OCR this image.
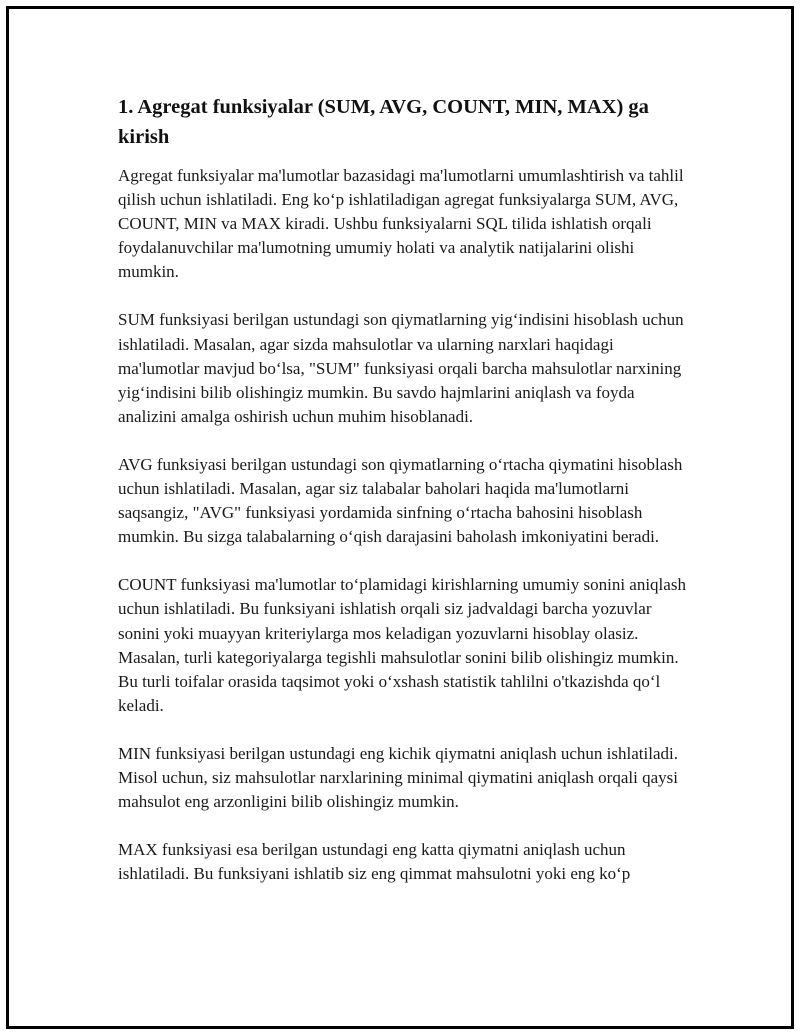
1. Agregat funksiyalar (SUM, AVG, COUNT, MIN, MAX) ga kirish

Agregat funksiyalar ma'lumotlar bazasidagi ma'lumotlarni umumlashtirish va tahlil qilish uchun ishlatiladi. Eng ko‘p ishlatiladigan agregat funksiyalarga SUM, AVG, COUNT, MIN va MAX kiradi. Ushbu funksiyalarni SQL tilida ishlatish orqali foydalanuvchilar ma'lumotning umumiy holati va analytik natijalarini olishi mumkin.

SUM funksiyasi berilgan ustundagi son qiymatlarning yig‘indisini hisoblash uchun ishlatiladi. Masalan, agar sizda mahsulotlar va ularning narxlari haqidagi ma'lumotlar mavjud bo‘lsa, "SUM" funksiyasi orqali barcha mahsulotlar narxining yig‘indisini bilib olishingiz mumkin. Bu savdo hajmlarini aniqlash va foyda analizini amalga oshirish uchun muhim hisoblanadi.

AVG funksiyasi berilgan ustundagi son qiymatlarning o‘rtacha qiymatini hisoblash uchun ishlatiladi. Masalan, agar siz talabalar baholari haqida ma'lumotlarni saqsangiz, "AVG" funksiyasi yordamida sinfning o‘rtacha bahosini hisoblash mumkin. Bu sizga talabalarning o‘qish darajasini baholash imkoniyatini beradi.

COUNT funksiyasi ma'lumotlar to‘plamidagi kirishlarning umumiy sonini aniqlash uchun ishlatiladi. Bu funksiyani ishlatish orqali siz jadvaldagi barcha yozuvlar sonini yoki muayyan kriteriylarga mos keladigan yozuvlarni hisoblay olasiz. Masalan, turli kategoriyalarga tegishli mahsulotlar sonini bilib olishingiz mumkin. Bu turli toifalar orasida taqsimot yoki o‘xshash statistik tahlilni o'tkazishda qo‘l keladi.

MIN funksiyasi berilgan ustundagi eng kichik qiymatni aniqlash uchun ishlatiladi. Misol uchun, siz mahsulotlar narxlarining minimal qiymatini aniqlash orqali qaysi mahsulot eng arzonligini bilib olishingiz mumkin.

MAX funksiyasi esa berilgan ustundagi eng katta qiymatni aniqlash uchun ishlatiladi. Bu funksiyani ishlatib siz eng qimmat mahsulotni yoki eng ko‘p
